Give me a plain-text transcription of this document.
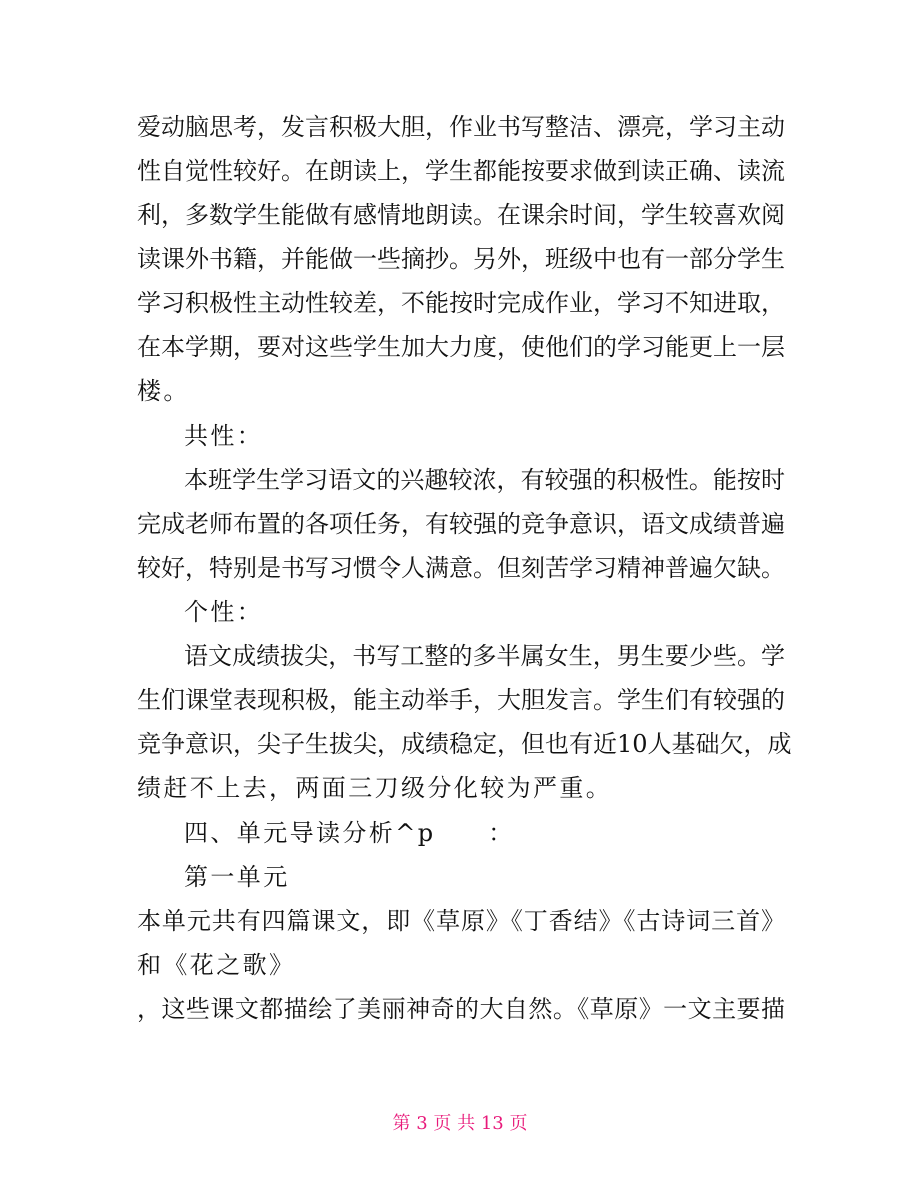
爱动脑思考，发言积极大胆，作业书写整洁、漂亮，学习主动
性自觉性较好。在朗读上，学生都能按要求做到读正确、读流
利，多数学生能做有感情地朗读。在课余时间，学生较喜欢阅
读课外书籍，并能做一些摘抄。另外，班级中也有一部分学生
学习积极性主动性较差，不能按时完成作业，学习不知进取，
在本学期，要对这些学生加大力度，使他们的学习能更上一层
楼。
共性：
本班学生学习语文的兴趣较浓，有较强的积极性。能按时
完成老师布置的各项任务，有较强的竞争意识，语文成绩普遍
较好，特别是书写习惯令人满意。但刻苦学习精神普遍欠缺。
个性：
语文成绩拔尖，书写工整的多半属女生，男生要少些。学
生们课堂表现积极，能主动举手，大胆发言。学生们有较强的
竞争意识，尖子生拔尖，成绩稳定，但也有近10人基础欠，成
绩赶不上去，两面三刀级分化较为严重。
四、单元导读分析^p　　：
第一单元
本单元共有四篇课文，即《草原》《丁香结》《古诗词三首》
和《花之歌》
，这些课文都描绘了美丽神奇的大自然。《草原》一文主要描
第 3 页 共 13 页
